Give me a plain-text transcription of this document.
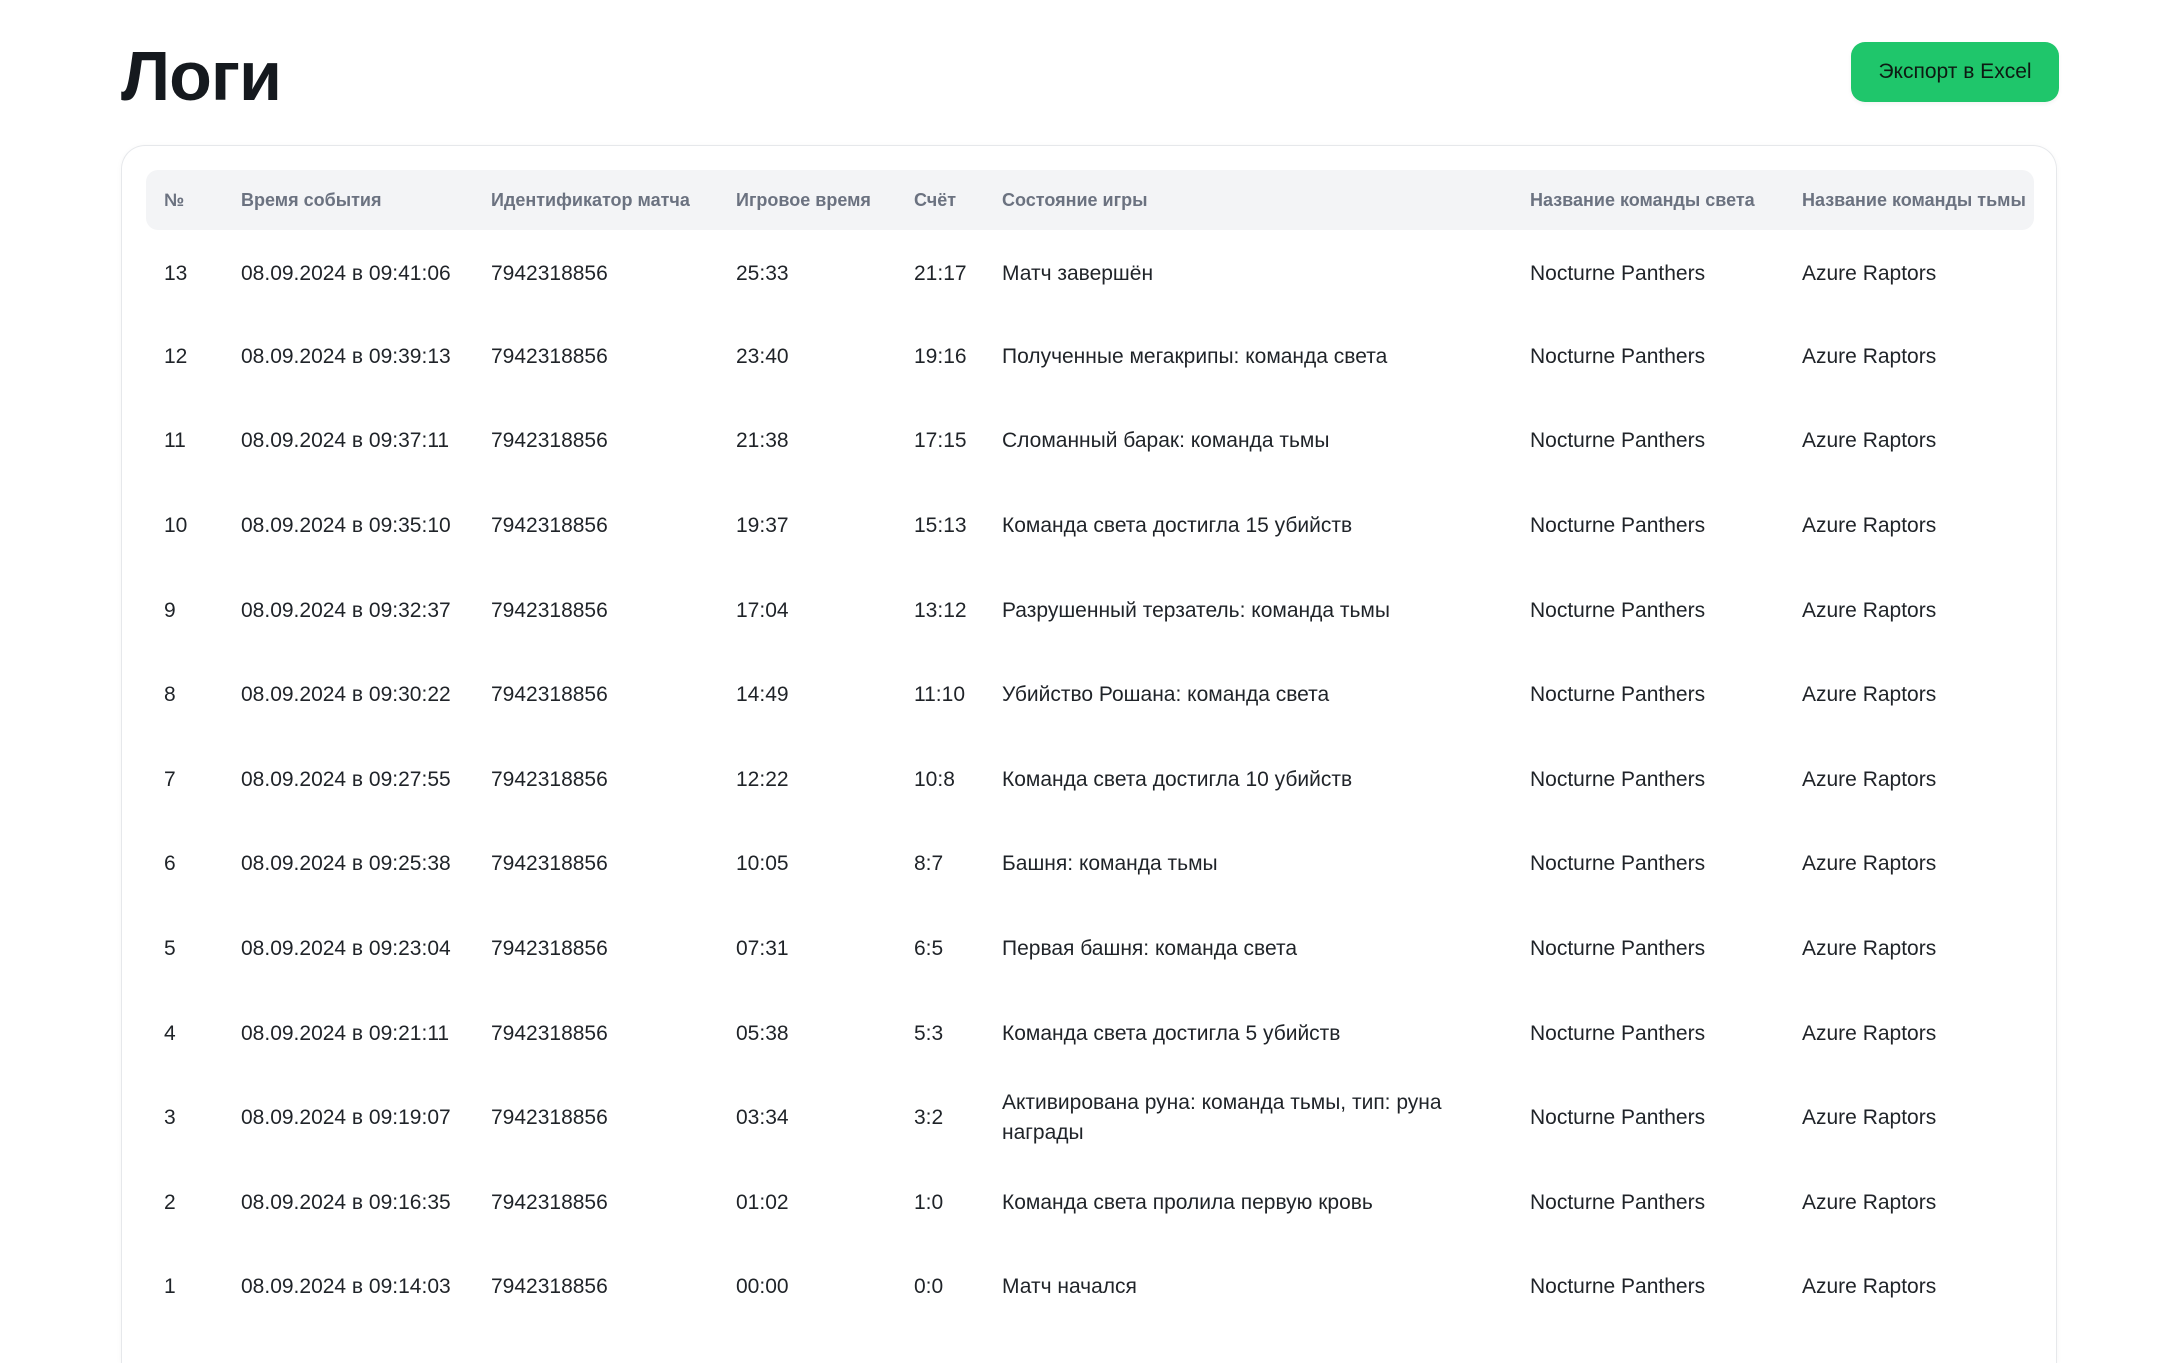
Логи	Экспорт в Excel
№	Время события	Идентификатор матча	Игровое время	Счёт	Состояние игры	Название команды света	Название команды тьмы
13	08.09.2024 в 09:41:06	7942318856	25:33	21:17	Матч завершён	Nocturne Panthers	Azure Raptors
12	08.09.2024 в 09:39:13	7942318856	23:40	19:16	Полученные мегакрипы: команда света	Nocturne Panthers	Azure Raptors
11	08.09.2024 в 09:37:11	7942318856	21:38	17:15	Сломанный барак: команда тьмы	Nocturne Panthers	Azure Raptors
10	08.09.2024 в 09:35:10	7942318856	19:37	15:13	Команда света достигла 15 убийств	Nocturne Panthers	Azure Raptors
9	08.09.2024 в 09:32:37	7942318856	17:04	13:12	Разрушенный терзатель: команда тьмы	Nocturne Panthers	Azure Raptors
8	08.09.2024 в 09:30:22	7942318856	14:49	11:10	Убийство Рошана: команда света	Nocturne Panthers	Azure Raptors
7	08.09.2024 в 09:27:55	7942318856	12:22	10:8	Команда света достигла 10 убийств	Nocturne Panthers	Azure Raptors
6	08.09.2024 в 09:25:38	7942318856	10:05	8:7	Башня: команда тьмы	Nocturne Panthers	Azure Raptors
5	08.09.2024 в 09:23:04	7942318856	07:31	6:5	Первая башня: команда света	Nocturne Panthers	Azure Raptors
4	08.09.2024 в 09:21:11	7942318856	05:38	5:3	Команда света достигла 5 убийств	Nocturne Panthers	Azure Raptors
3	08.09.2024 в 09:19:07	7942318856	03:34	3:2	Активирована руна: команда тьмы, тип: руна награды	Nocturne Panthers	Azure Raptors
2	08.09.2024 в 09:16:35	7942318856	01:02	1:0	Команда света пролила первую кровь	Nocturne Panthers	Azure Raptors
1	08.09.2024 в 09:14:03	7942318856	00:00	0:0	Матч начался	Nocturne Panthers	Azure Raptors
